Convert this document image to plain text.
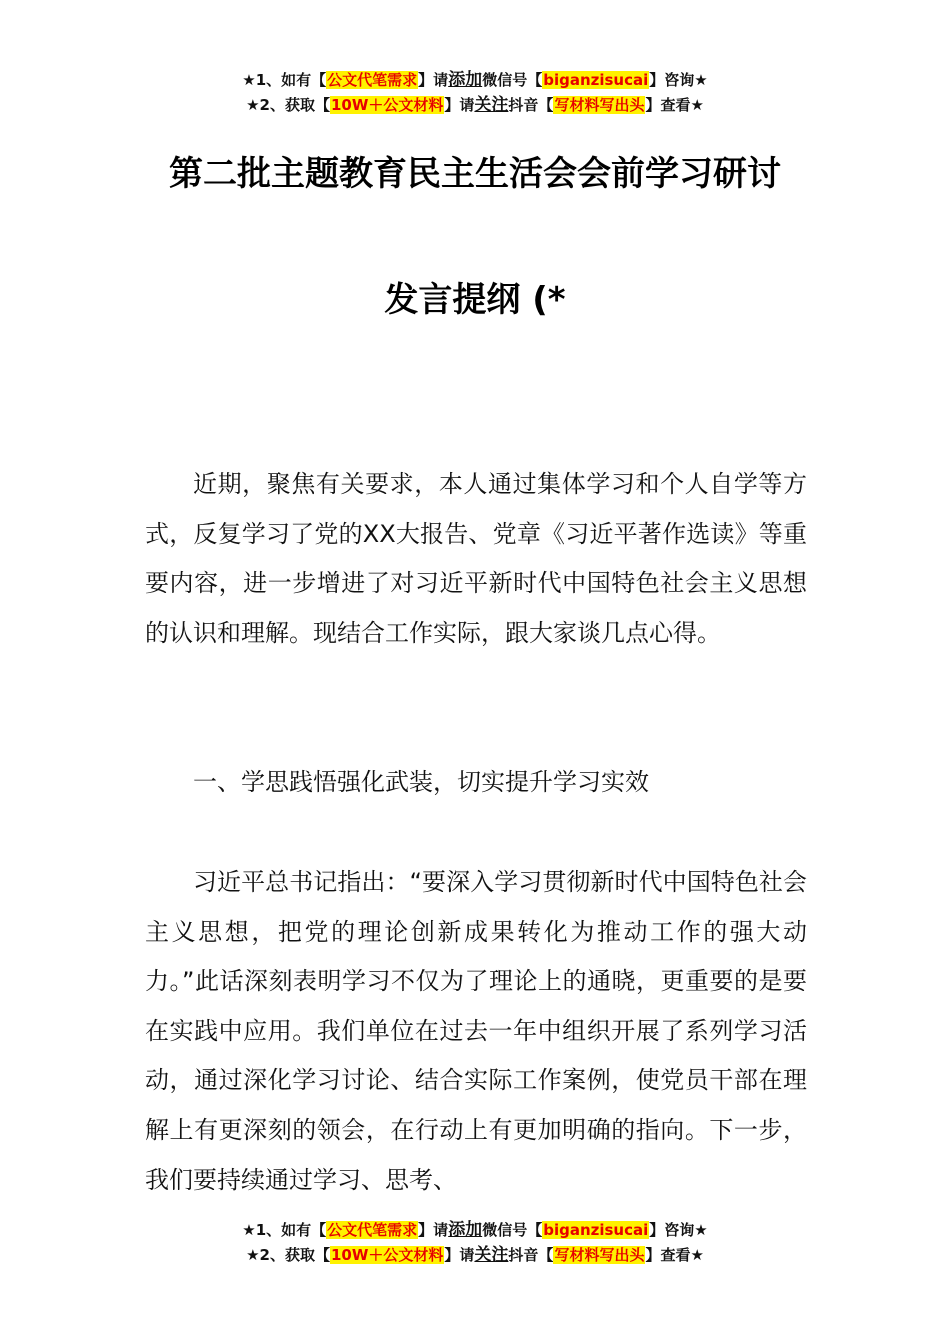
★1、如有【公文代笔需求】请添加微信号【biganzisucai】咨询★
★2、获取【10W＋公文材料】请关注抖音【写材料写出头】查看★
第二批主题教育民主生活会会前学习研讨
发言提纲 (*

近期，聚焦有关要求，本人通过集体学习和个人自学等方式，反复学习了党的XX大报告、党章《习近平著作选读》等重要内容，进一步增进了对习近平新时代中国特色社会主义思想的认识和理解。现结合工作实际，跟大家谈几点心得。

一、学思践悟强化武装，切实提升学习实效

习近平总书记指出：“要深入学习贯彻新时代中国特色社会主义思想，把党的理论创新成果转化为推动工作的强大动力。”此话深刻表明学习不仅为了理论上的通晓，更重要的是要在实践中应用。我们单位在过去一年中组织开展了系列学习活动，通过深化学习讨论、结合实际工作案例，使党员干部在理解上有更深刻的领会，在行动上有更加明确的指向。下一步，我们要持续通过学习、思考、

★1、如有【公文代笔需求】请添加微信号【biganzisucai】咨询★
★2、获取【10W＋公文材料】请关注抖音【写材料写出头】查看★
